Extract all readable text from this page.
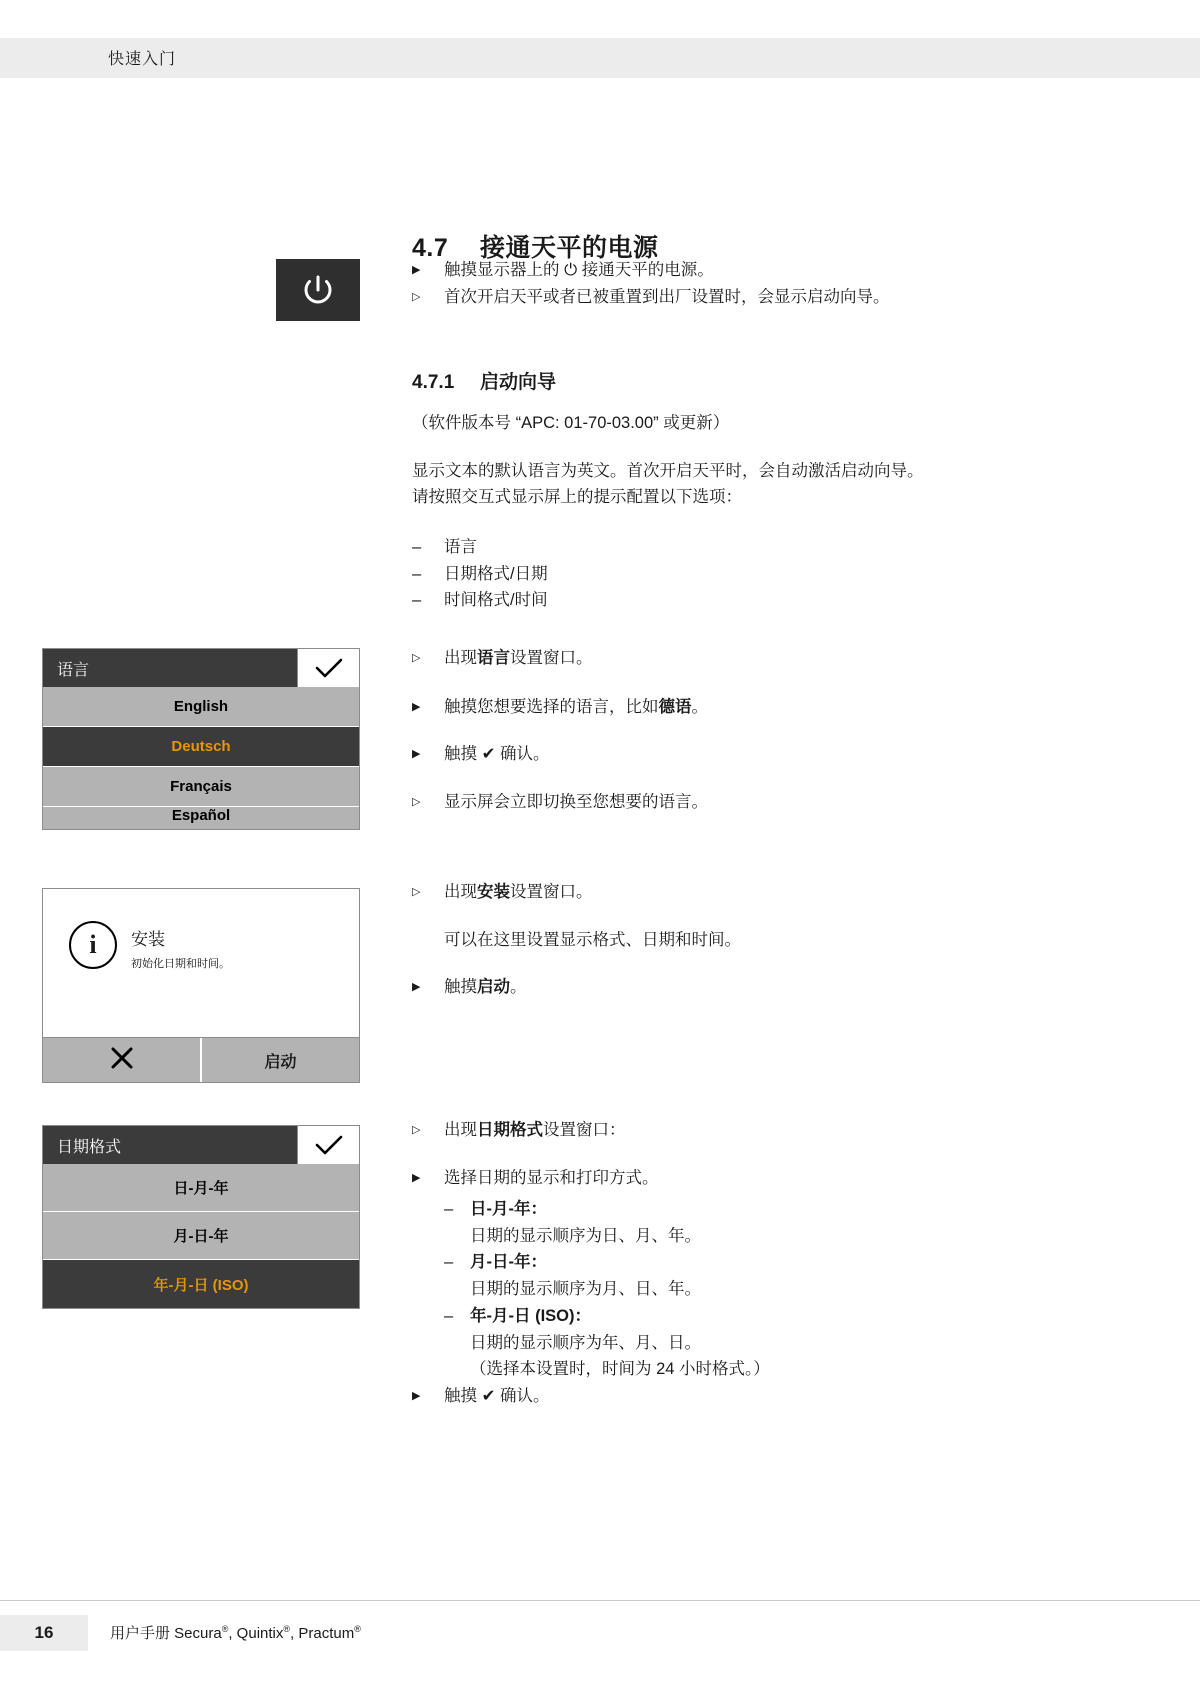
快速入门
4.7 接通天平的电源
▶
触摸显示器上的 ⏻ 接通天平的电源。
▷
首次开启天平或者已被重置到出厂设置时，会显示启动向导。
4.7.1 启动向导
（软件版本号 “APC: 01-70-03.00” 或更新）
显示文本的默认语言为英文。首次开启天平时，会自动激活启动向导。
请按照交互式显示屏上的提示配置以下选项：
–	语言
–	日期格式/日期
–	时间格式/时间
语言
English
Deutsch
Français
Español
▷
出现语言设置窗口。
▶
触摸您想要选择的语言，比如德语。
▶
触摸 ✔ 确认。
▷
显示屏会立即切换至您想要的语言。
i	安装
初始化日期和时间。
启动
▷
出现安装设置窗口。
可以在这里设置显示格式、日期和时间。
▶
触摸启动。
日期格式
日-月-年
月-日-年
年-月-日 (ISO)
▷
出现日期格式设置窗口：
▶
选择日期的显示和打印方式。
–	日-月-年：
日期的显示顺序为日、月、年。
–	月-日-年：
日期的显示顺序为月、日、年。
–	年-月-日 (ISO)：
日期的显示顺序为年、月、日。
（选择本设置时，时间为 24 小时格式。）
▶
触摸 ✔ 确认。
16	用户手册 Secura®, Quintix®, Practum®
